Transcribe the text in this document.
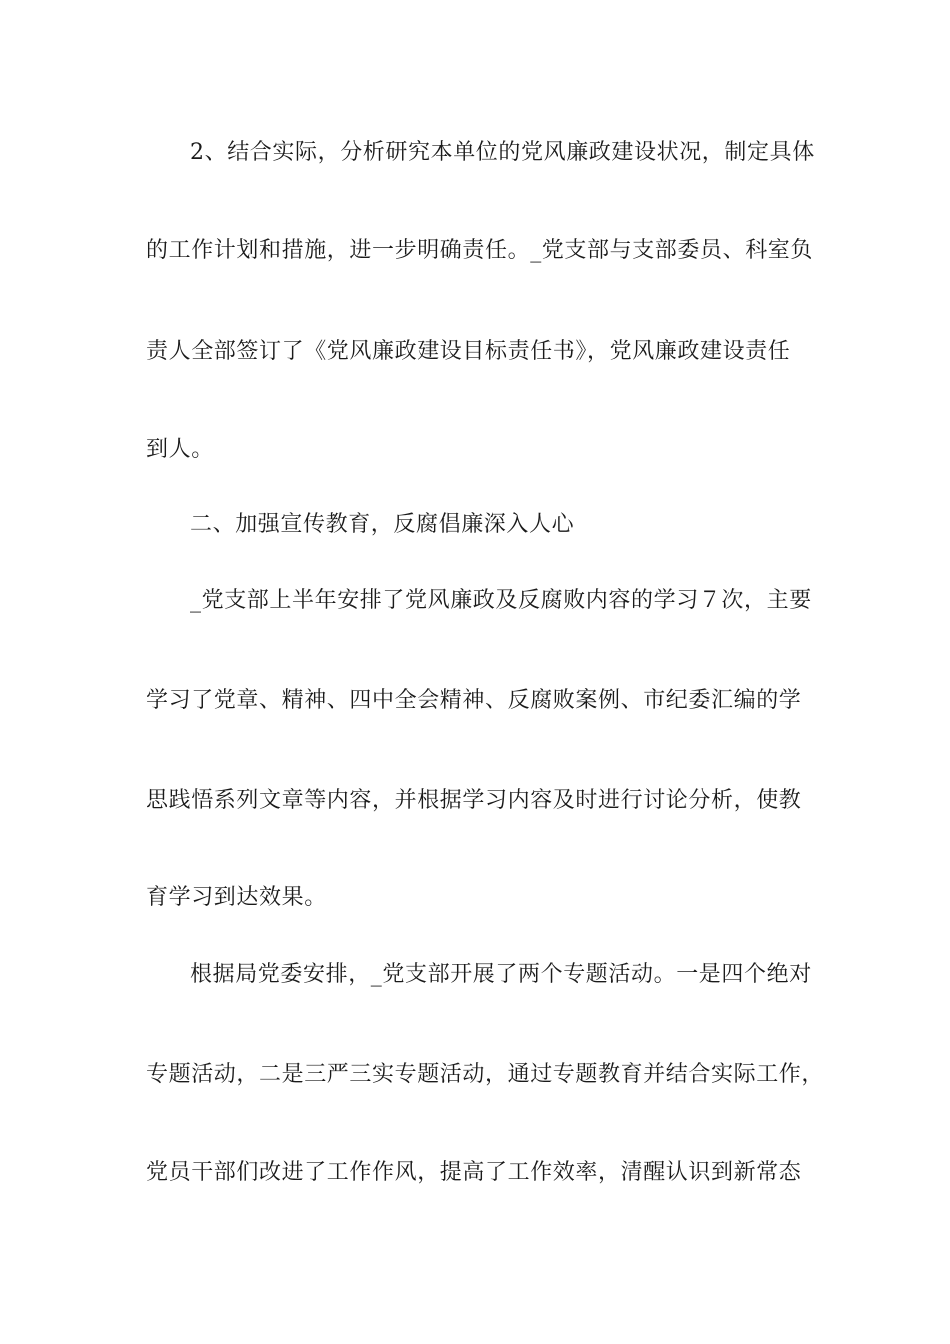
2、结合实际，分析研究本单位的党风廉政建设状况，制定具体
的工作计划和措施，进一步明确责任。_党支部与支部委员、科室负
责人全部签订了《党风廉政建设目标责任书》，党风廉政建设责任
到人。
二、加强宣传教育，反腐倡廉深入人心
_党支部上半年安排了党风廉政及反腐败内容的学习７次，主要
学习了党章、精神、四中全会精神、反腐败案例、市纪委汇编的学
思践悟系列文章等内容，并根据学习内容及时进行讨论分析，使教
育学习到达效果。
根据局党委安排，_党支部开展了两个专题活动。一是四个绝对
专题活动，二是三严三实专题活动，通过专题教育并结合实际工作，
党员干部们改进了工作作风，提高了工作效率，清醒认识到新常态
